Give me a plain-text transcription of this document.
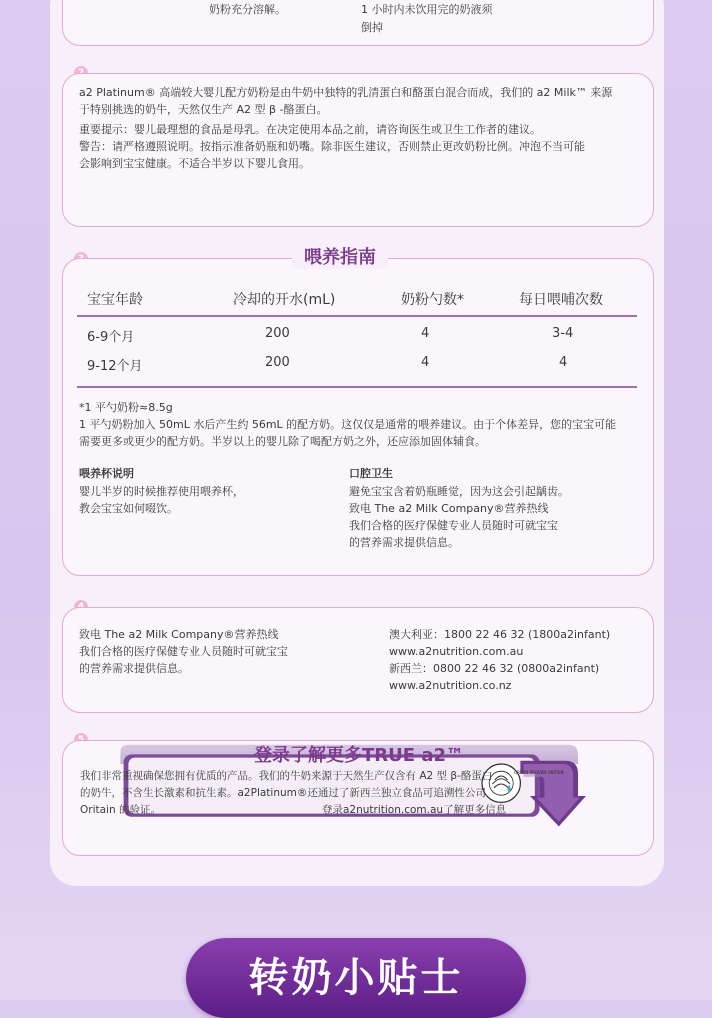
奶粉充分溶解。	1 小时内未饮用完的奶液须
倒掉
a2 Platinum® 高端较大婴儿配方奶粉是由牛奶中独特的乳清蛋白和酪蛋白混合而成，我们的 a2 Milk™ 来源
于特别挑选的奶牛，天然仅生产 A2 型 β -酪蛋白。
重要提示：婴儿最理想的食品是母乳。在决定使用本品之前，请咨询医生或卫生工作者的建议。
警告：请严格遵照说明。按指示准备奶瓶和奶嘴。除非医生建议，否则禁止更改奶粉比例。冲泡不当可能
会影响到宝宝健康。不适合半岁以下婴儿食用。
宝宝年龄	冷却的开水(mL)	奶粉勺数*	每日喂哺次数
6-9个月	200	4	3-4
9-12个月	200	4	4
*1 平勺奶粉≈8.5g
1 平勺奶粉加入 50mL 水后产生约 56mL 的配方奶。这仅仅是通常的喂养建议。由于个体差异，您的宝宝可能
需要更多或更少的配方奶。半岁以上的婴儿除了喝配方奶之外，还应添加固体辅食。
喂养杯说明
婴儿半岁的时候推荐使用喂养杯，
教会宝宝如何啜饮。
口腔卫生
避免宝宝含着奶瓶睡觉，因为这会引起龋齿。
致电 The a2 Milk Company®营养热线
我们合格的医疗保健专业人员随时可就宝宝
的营养需求提供信息。
喂养指南
致电 The a2 Milk Company®营养热线
我们合格的医疗保健专业人员随时可就宝宝
的营养需求提供信息。
澳大利亚：1800 22 46 32 (1800a2infant)
www.a2nutrition.com.au
新西兰：0800 22 46 32 (0800a2infant)
www.a2nutrition.co.nz
登录了解更多TRUE a2™
我们非常重视确保您拥有优质的产品。我们的牛奶来源于天然生产仅含有 A2 型 β-酪蛋白
的奶牛，不含生长激素和抗生素。a2Platinum®还通过了新西兰独立食品可追溯性公司
Oritain 的验证。	登录a2nutrition.com.au了解更多信息
ORIGIN PROVEN ORITAIN
转奶小贴士
